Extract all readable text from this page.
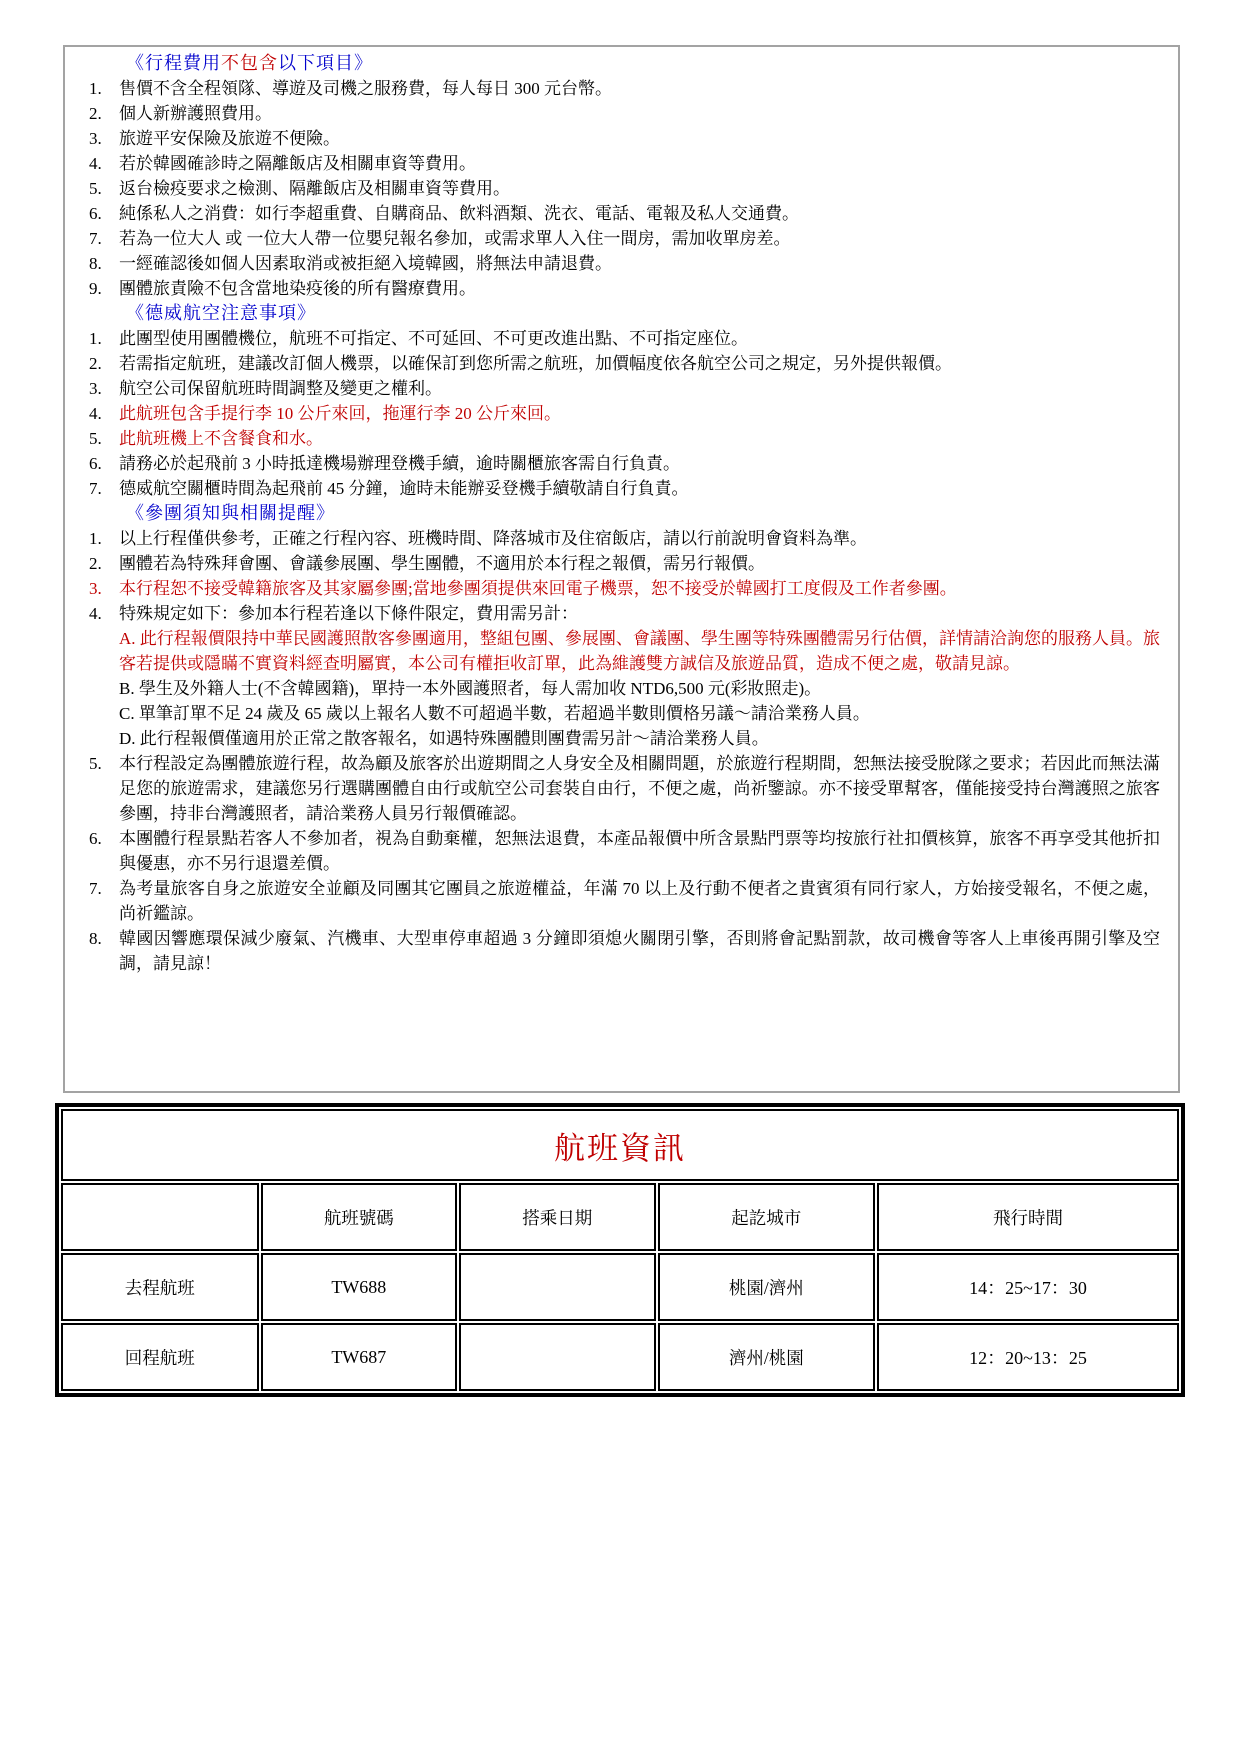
《行程費用不包含以下項目》
1.	售價不含全程領隊、導遊及司機之服務費，每人每日 300 元台幣。
2.	個人新辦護照費用。
3.	旅遊平安保險及旅遊不便險。
4.	若於韓國確診時之隔離飯店及相關車資等費用。
5.	返台檢疫要求之檢測、隔離飯店及相關車資等費用。
6.	純係私人之消費：如行李超重費、自購商品、飲料酒類、洗衣、電話、電報及私人交通費。
7.	若為一位大人 或 一位大人帶一位嬰兒報名參加，或需求單人入住一間房，需加收單房差。
8.	一經確認後如個人因素取消或被拒絕入境韓國，將無法申請退費。
9.	團體旅責險不包含當地染疫後的所有醫療費用。
《德威航空注意事項》
1.	此團型使用團體機位，航班不可指定、不可延回、不可更改進出點、不可指定座位。
2.	若需指定航班，建議改訂個人機票，以確保訂到您所需之航班，加價幅度依各航空公司之規定，另外提供報價。
3.	航空公司保留航班時間調整及變更之權利。
4.	此航班包含手提行李 10 公斤來回，拖運行李 20 公斤來回。
5.	此航班機上不含餐食和水。
6.	請務必於起飛前 3 小時抵達機場辦理登機手續，逾時關櫃旅客需自行負責。
7.	德威航空關櫃時間為起飛前 45 分鐘，逾時未能辦妥登機手續敬請自行負責。
《參團須知與相關提醒》
1.	以上行程僅供參考，正確之行程內容、班機時間、降落城市及住宿飯店，請以行前說明會資料為準。
2.	團體若為特殊拜會團、會議參展團、學生團體，不適用於本行程之報價，需另行報價。
3.	本行程恕不接受韓籍旅客及其家屬參團;當地參團須提供來回電子機票，恕不接受於韓國打工度假及工作者參團。
4.	特殊規定如下：參加本行程若逢以下條件限定，費用需另計：
A. 此行程報價限持中華民國護照散客參團適用，整組包團、參展團、會議團、學生團等特殊團體需另行估價，詳情請洽詢您的服務人員。旅客若提供或隱瞞不實資料經查明屬實，本公司有權拒收訂單，此為維護雙方誠信及旅遊品質，造成不便之處，敬請見諒。
B. 學生及外籍人士(不含韓國籍)，單持一本外國護照者，每人需加收 NTD6,500 元(彩妝照走)。
C. 單筆訂單不足 24 歲及 65 歲以上報名人數不可超過半數，若超過半數則價格另議～請洽業務人員。
D. 此行程報價僅適用於正常之散客報名，如遇特殊團體則團費需另計～請洽業務人員。
5.	本行程設定為團體旅遊行程，故為顧及旅客於出遊期間之人身安全及相關問題，於旅遊行程期間，恕無法接受脫隊之要求；若因此而無法滿足您的旅遊需求，建議您另行選購團體自由行或航空公司套裝自由行，不便之處，尚祈鑒諒。亦不接受單幫客，僅能接受持台灣護照之旅客參團，持非台灣護照者，請洽業務人員另行報價確認。
6.	本團體行程景點若客人不參加者，視為自動棄權，恕無法退費，本產品報價中所含景點門票等均按旅行社扣價核算，旅客不再享受其他折扣與優惠，亦不另行退還差價。
7.	為考量旅客自身之旅遊安全並顧及同團其它團員之旅遊權益，年滿 70 以上及行動不便者之貴賓須有同行家人，方始接受報名，不便之處，尚祈鑑諒。
8.	韓國因響應環保減少廢氣、汽機車、大型車停車超過 3 分鐘即須熄火關閉引擎，否則將會記點罰款，故司機會等客人上車後再開引擎及空調，請見諒！
航班資訊				
	航班號碼	搭乘日期	起訖城市	飛行時間
去程航班	TW688		桃園/濟州	14：25~17：30
回程航班	TW687		濟州/桃園	12：20~13：25
